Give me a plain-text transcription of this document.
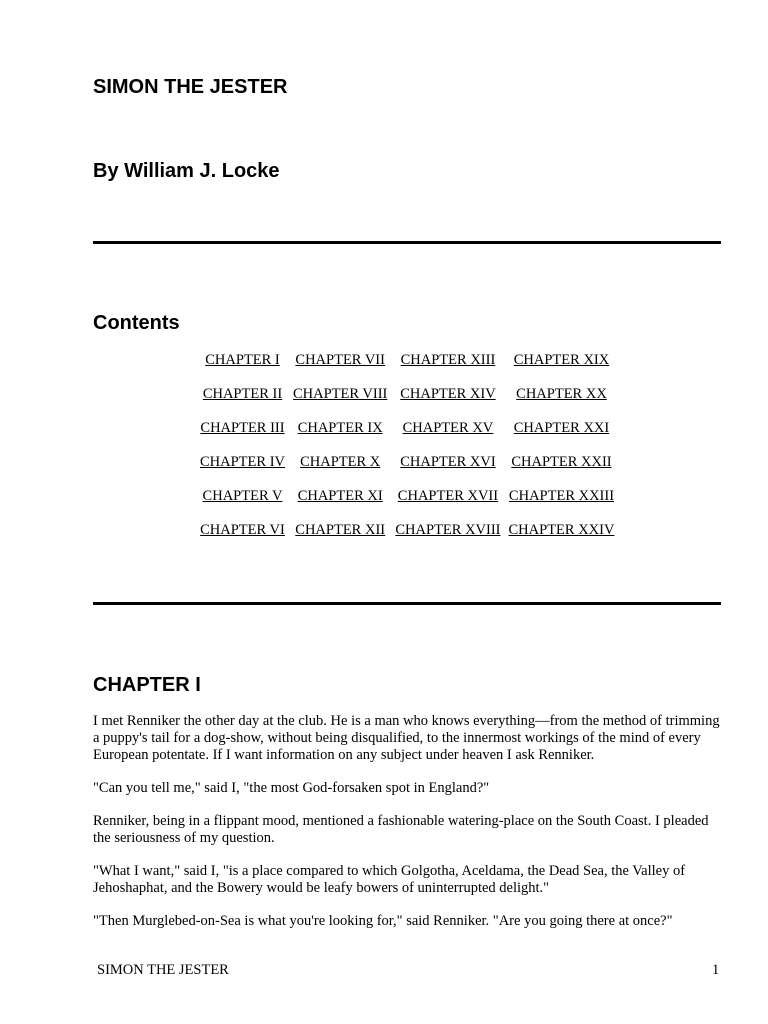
SIMON THE JESTER
By William J. Locke
Contents
CHAPTER I	CHAPTER VII	CHAPTER XIII	CHAPTER XIX
CHAPTER II	CHAPTER VIII	CHAPTER XIV	CHAPTER XX
CHAPTER III	CHAPTER IX	CHAPTER XV	CHAPTER XXI
CHAPTER IV	CHAPTER X	CHAPTER XVI	CHAPTER XXII
CHAPTER V	CHAPTER XI	CHAPTER XVII	CHAPTER XXIII
CHAPTER VI	CHAPTER XII	CHAPTER XVIII	CHAPTER XXIV
CHAPTER I

I met Renniker the other day at the club. He is a man who knows everything—from the method of trimming a puppy's tail for a dog-show, without being disqualified, to the innermost workings of the mind of every European potentate. If I want information on any subject under heaven I ask Renniker.

"Can you tell me," said I, "the most God-forsaken spot in England?"

Renniker, being in a flippant mood, mentioned a fashionable watering-place on the South Coast. I pleaded the seriousness of my question.

"What I want," said I, "is a place compared to which Golgotha, Aceldama, the Dead Sea, the Valley of Jehoshaphat, and the Bowery would be leafy bowers of uninterrupted delight."

"Then Murglebed-on-Sea is what you're looking for," said Renniker. "Are you going there at once?"

SIMON THE JESTER	1
